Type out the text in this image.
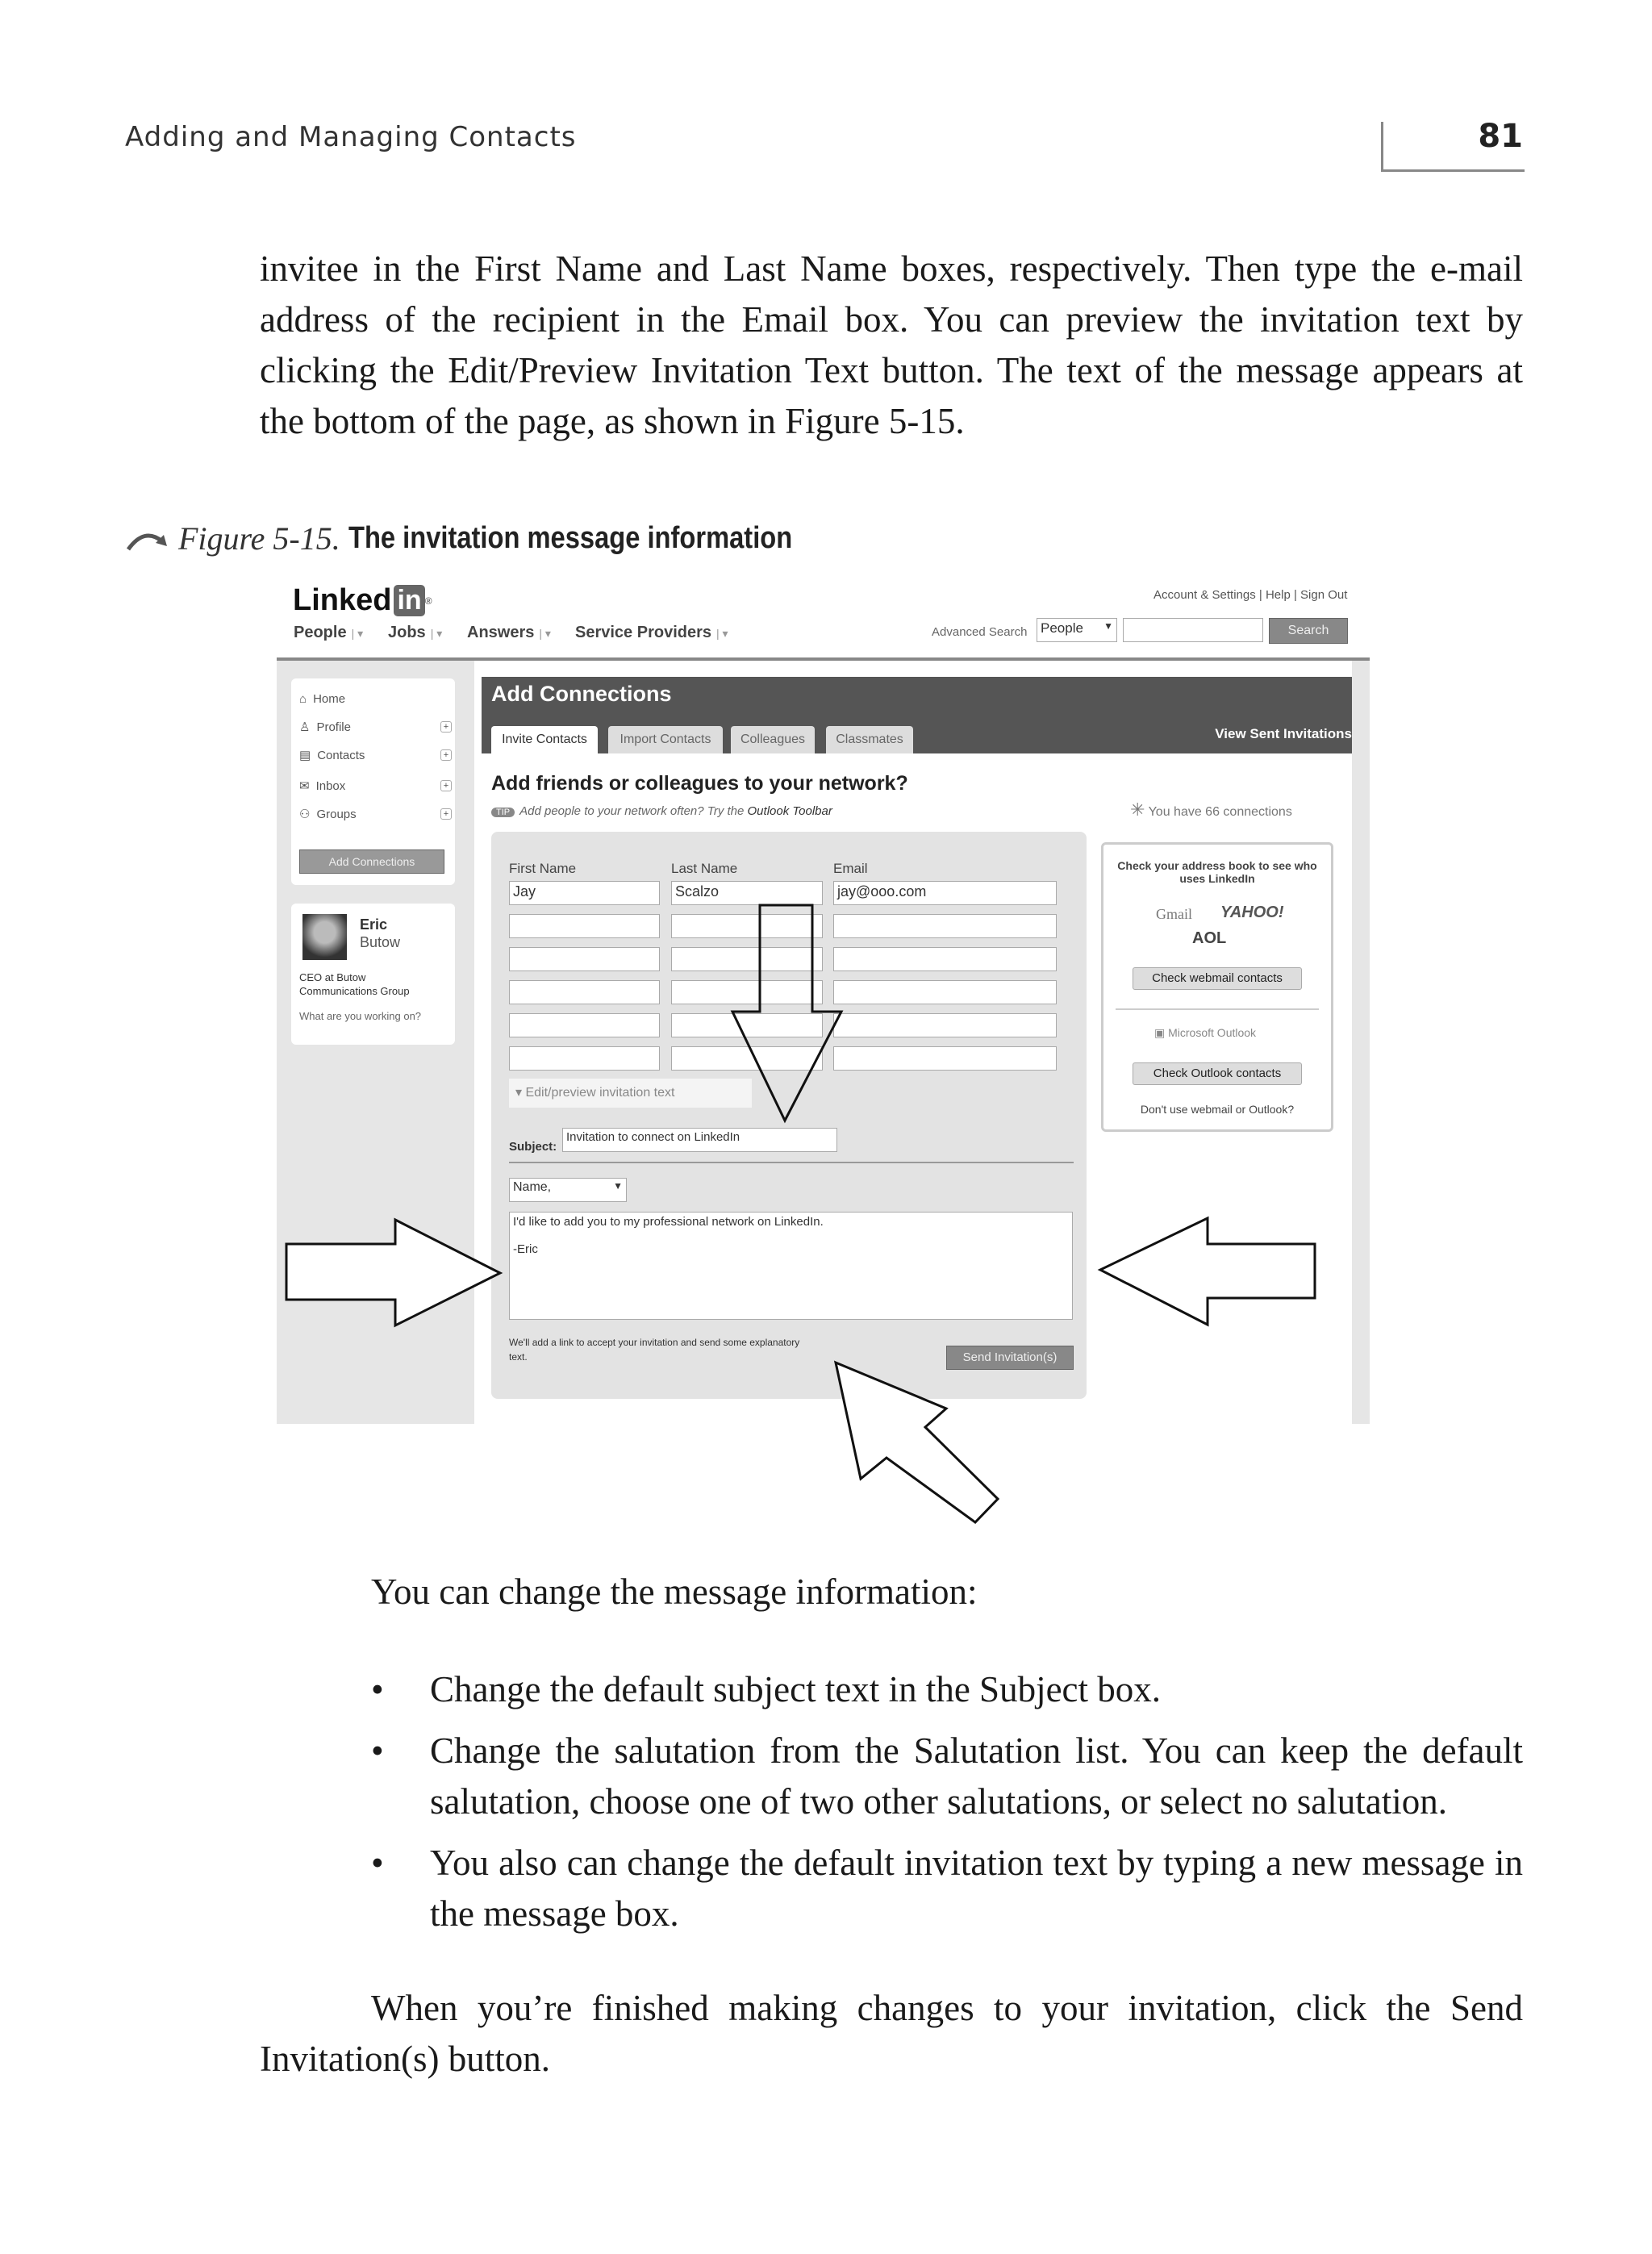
Adding and Managing Contacts	81

invitee in the First Name and Last Name boxes, respectively. Then type the e-mail address of the recipient in the Email box. You can preview the invitation text by clicking the Edit/Preview Invitation Text button. The text of the message appears at the bottom of the page, as shown in Figure 5-15.

Figure 5-15. The invitation message information
Linked in ®	Account & Settings | Help | Sign Out
People | ▾ Jobs | ▾ Answers | ▾ Service Providers | ▾	Advanced Search People ▼	Search
⌂ Home
♙ Profile	+
▤ Contacts	+
✉ Inbox	+
⚇ Groups	+
Add Connections
Eric
Butow
CEO at Butow
Communications Group
What are you working on?
Add Connections
Invite Contacts	Import Contacts	Colleagues	Classmates	View Sent Invitations
Add friends or colleagues to your network?
TIP Add people to your network often? Try the Outlook Toolbar	✳ You have 66 connections
First Name	Last Name	Email
Jay	Scalzo	jay@ooo.com
▾ Edit/preview invitation text
Subject:
Invitation to connect on LinkedIn
Name,	▼
I'd like to add you to my professional network on LinkedIn.
-Eric
We'll add a link to accept your invitation and send some explanatory text.	Send Invitation(s)
Check your address book to see who uses LinkedIn
Gmail YAHOO!
AOL
Check webmail contacts
▣ Microsoft Outlook
Check Outlook contacts
Don't use webmail or Outlook?

You can change the message information:

•	Change the default subject text in the Subject box.
•	Change the salutation from the Salutation list. You can keep the default salutation, choose one of two other salutations, or select no salutation.
•	You also can change the default invitation text by typing a new message in the message box.

When you’re finished making changes to your invitation, click the Send Invitation(s) button.
